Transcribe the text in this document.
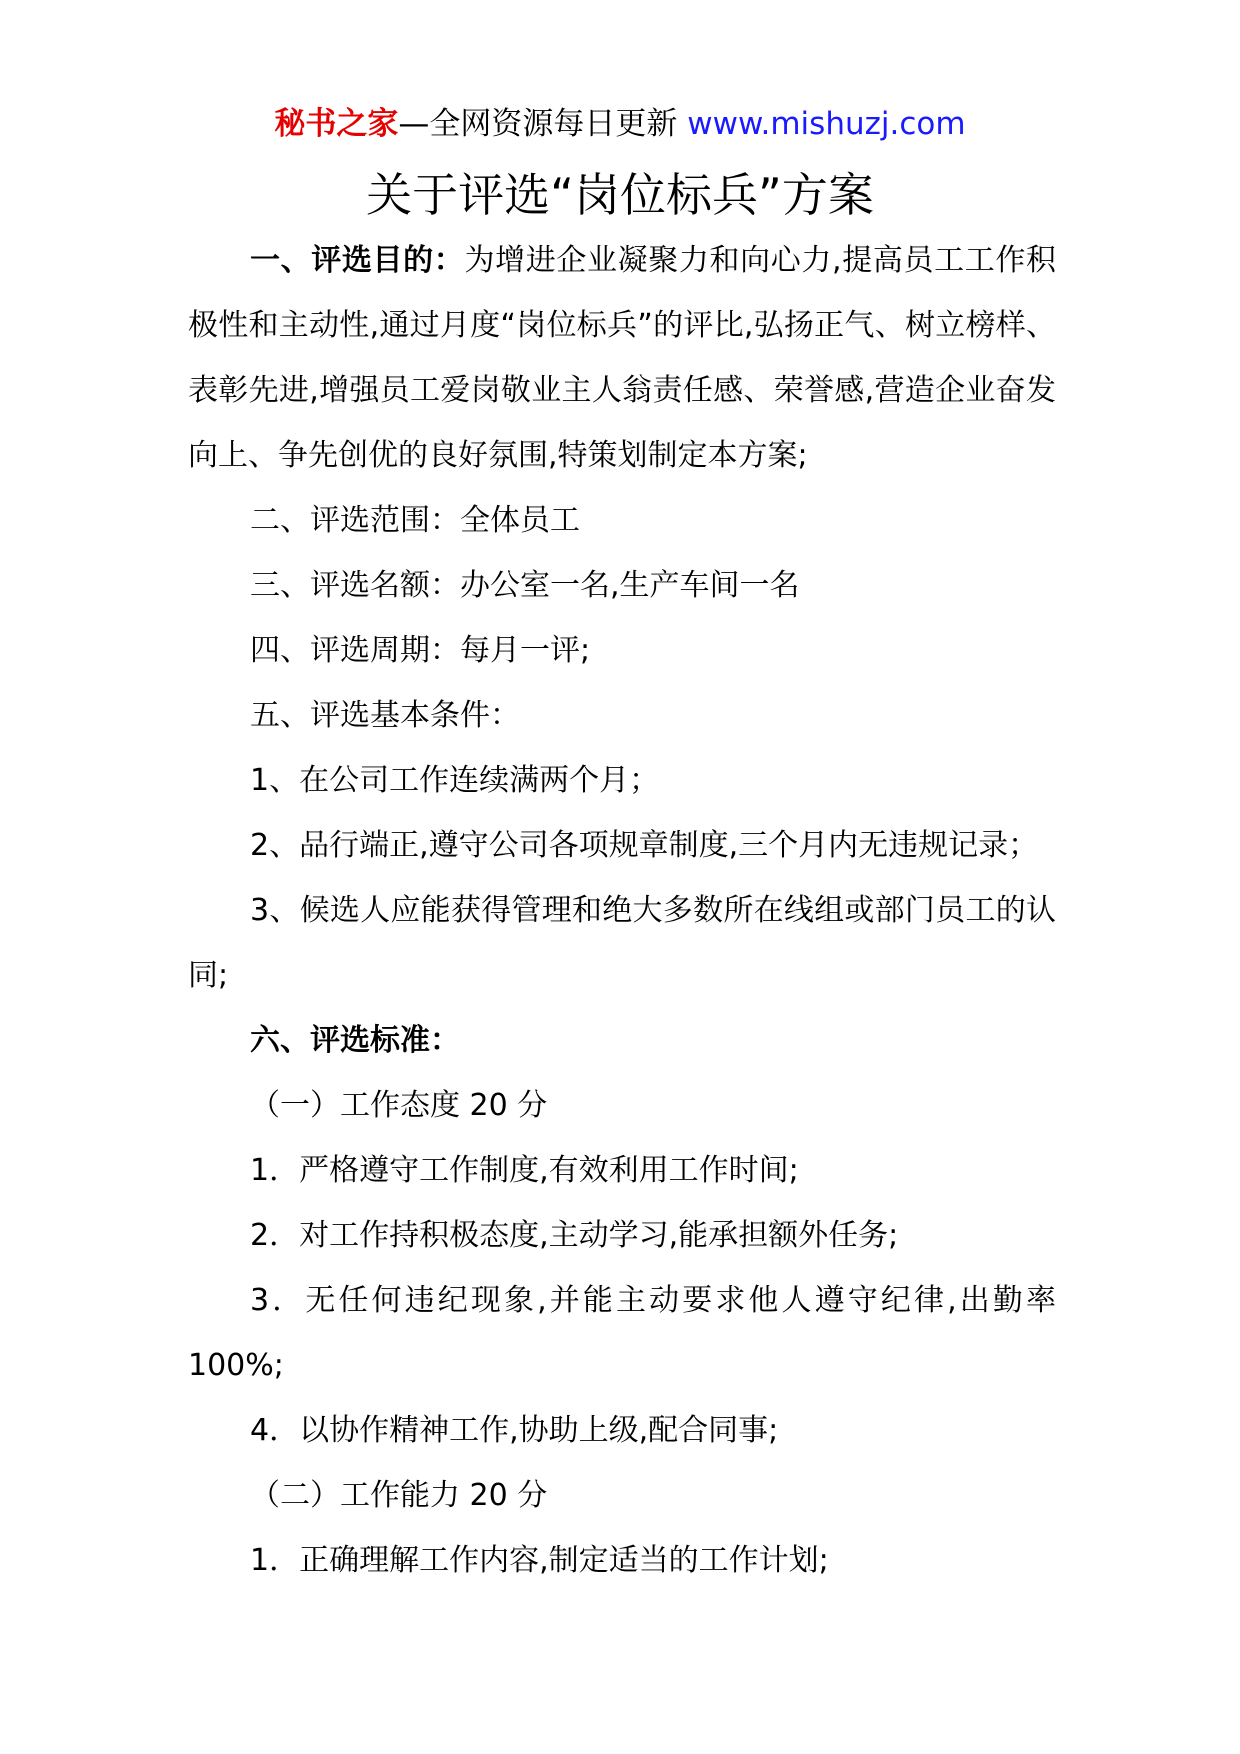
秘书之家—全网资源每日更新 www.mishuzj.com
关于评选“岗位标兵”方案

一、评选目的：为增进企业凝聚力和向心力,提高员工工作积极性和主动性,通过月度“岗位标兵”的评比,弘扬正气、树立榜样、表彰先进,增强员工爱岗敬业主人翁责任感、荣誉感,营造企业奋发向上、争先创优的良好氛围,特策划制定本方案;

二、评选范围：全体员工

三、评选名额：办公室一名,生产车间一名

四、评选周期：每月一评;

五、评选基本条件：

1、在公司工作连续满两个月；

2、品行端正,遵守公司各项规章制度,三个月内无违规记录；

3、候选人应能获得管理和绝大多数所在线组或部门员工的认同;

六、评选标准：

（一）工作态度 20 分

1．严格遵守工作制度,有效利用工作时间;

2．对工作持积极态度,主动学习,能承担额外任务;

3．无任何违纪现象,并能主动要求他人遵守纪律,出勤率100%;

4．以协作精神工作,协助上级,配合同事;

（二）工作能力 20 分

1．正确理解工作内容,制定适当的工作计划;
